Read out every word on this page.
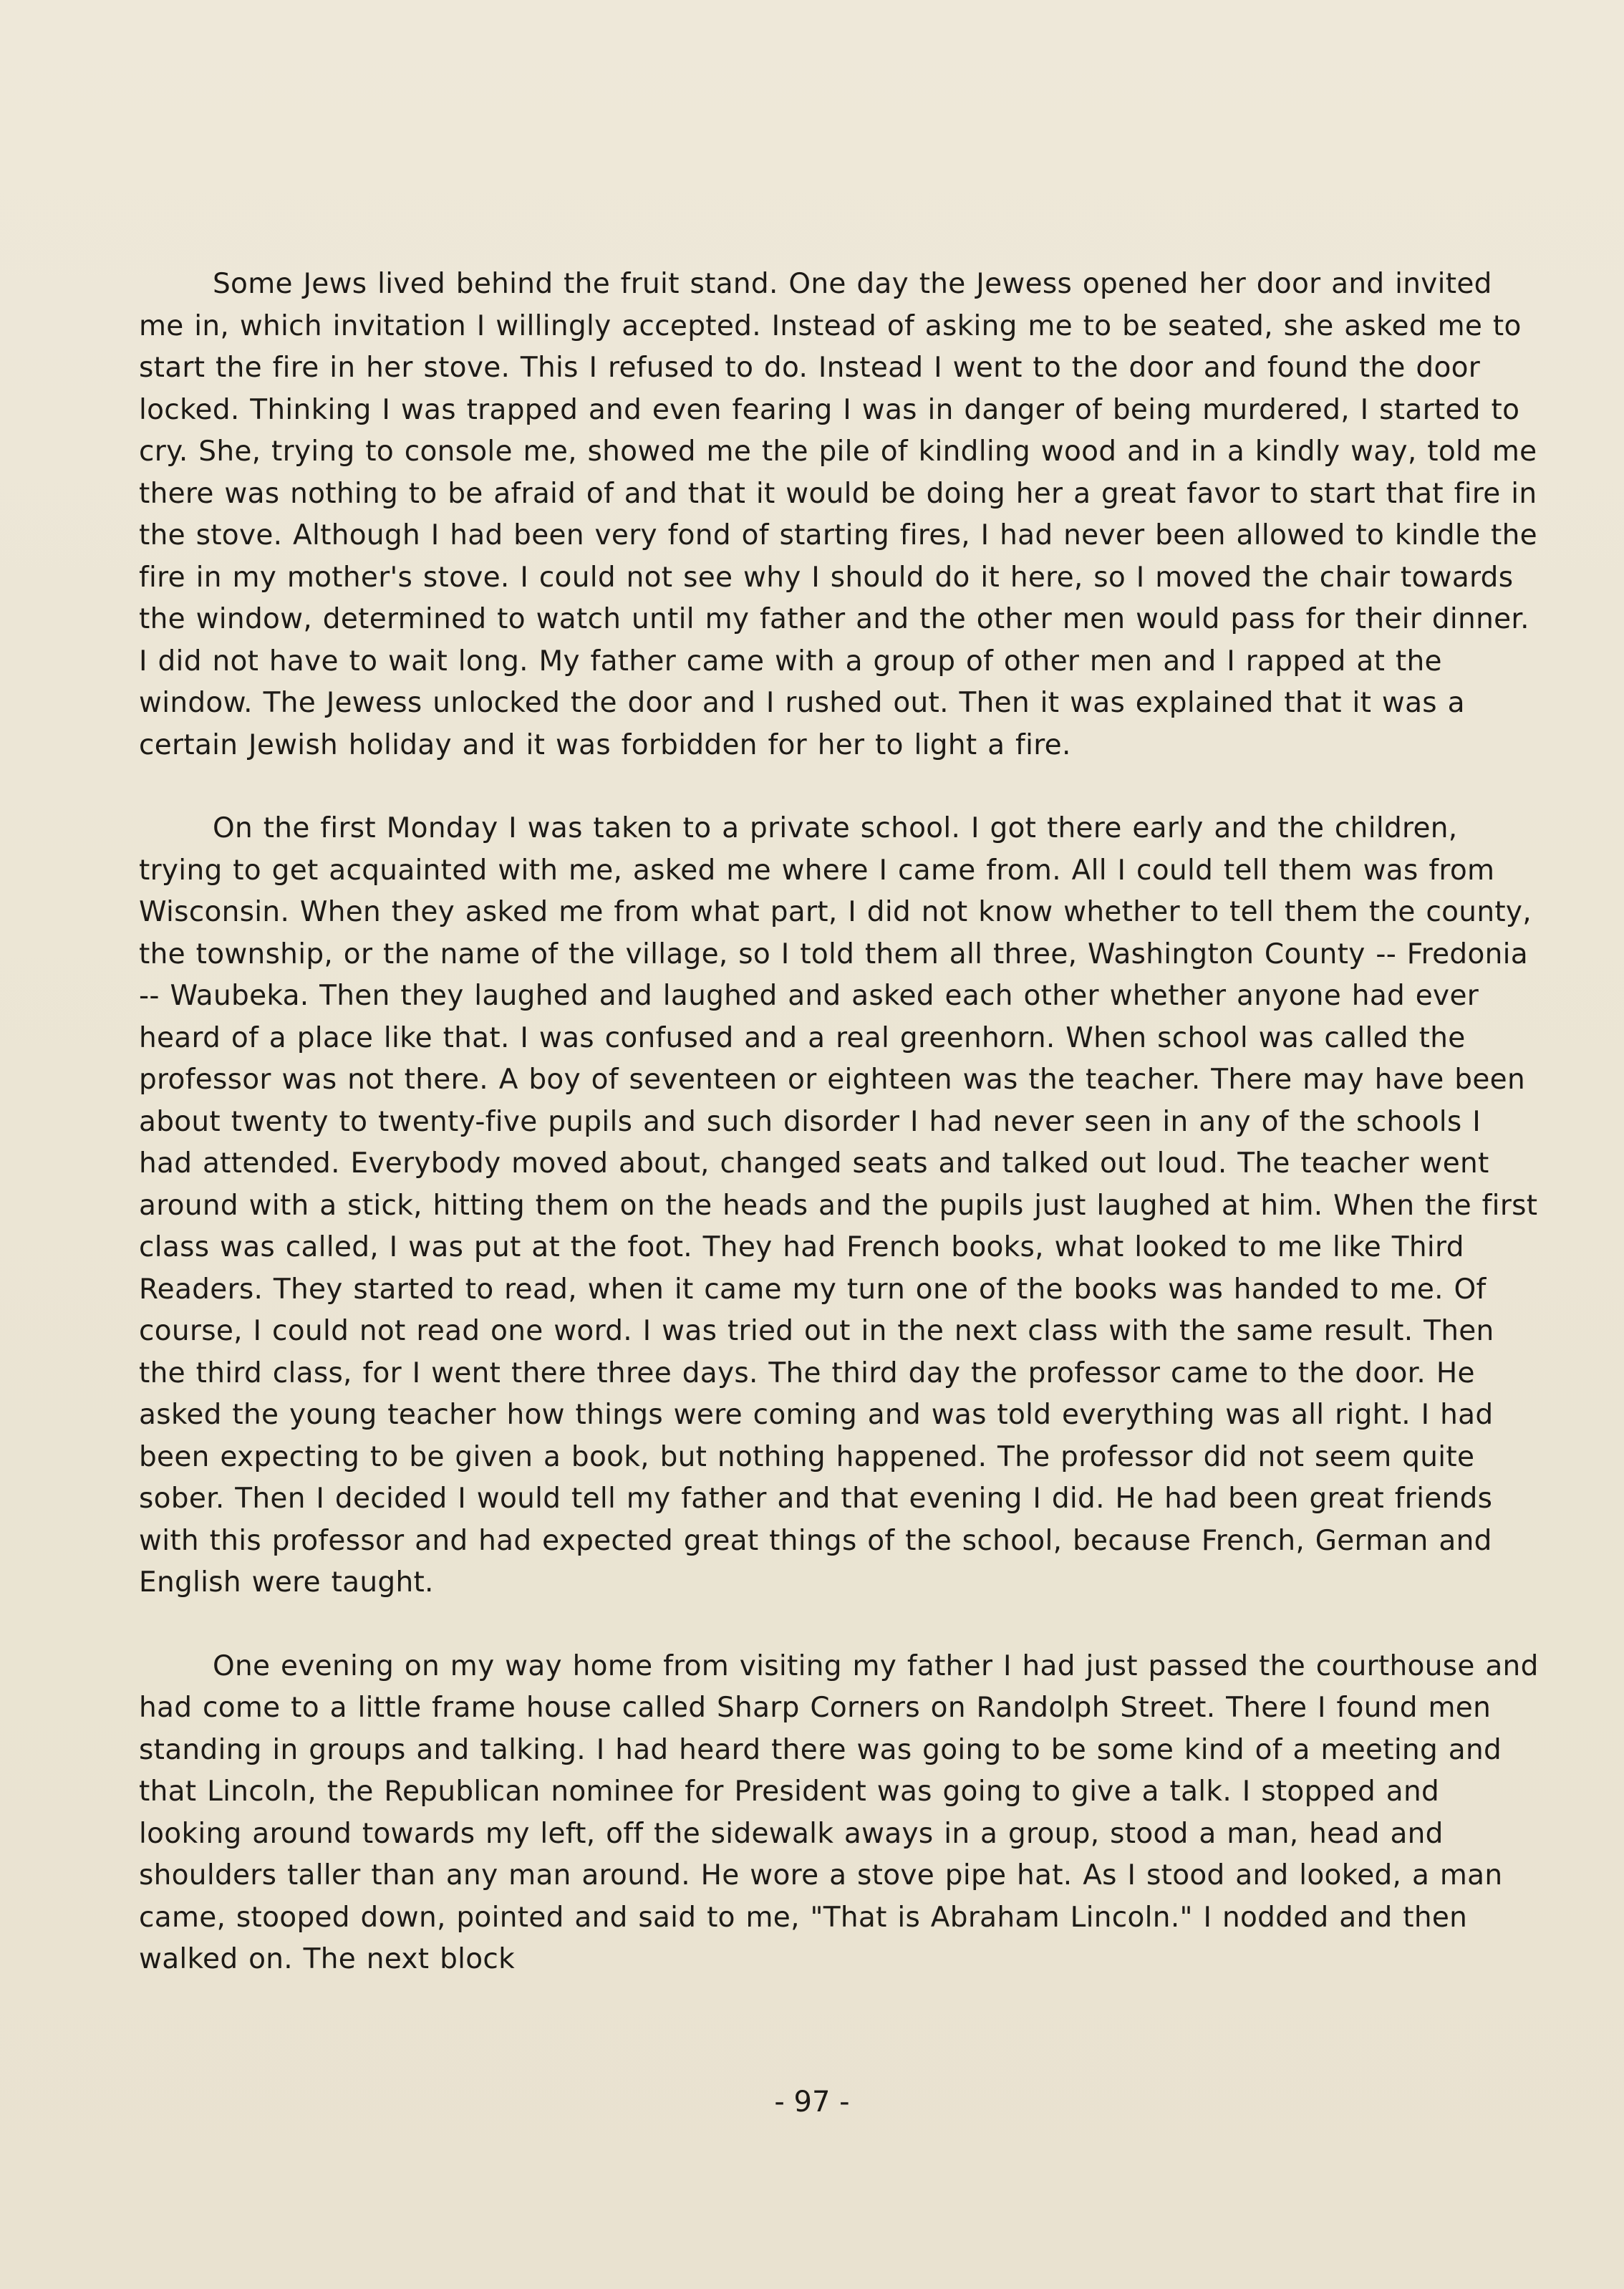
Some Jews lived behind the fruit stand. One day the Jewess opened her door and invited me in, which invitation I willingly accepted. Instead of asking me to be seated, she asked me to start the fire in her stove. This I refused to do. Instead I went to the door and found the door locked. Thinking I was trapped and even fearing I was in danger of being murdered, I started to cry. She, trying to console me, showed me the pile of kindling wood and in a kindly way, told me there was nothing to be afraid of and that it would be doing her a great favor to start that fire in the stove. Although I had been very fond of starting fires, I had never been allowed to kindle the fire in my mother's stove. I could not see why I should do it here, so I moved the chair towards the window, determined to watch until my father and the other men would pass for their dinner. I did not have to wait long. My father came with a group of other men and I rapped at the window. The Jewess unlocked the door and I rushed out. Then it was explained that it was a certain Jewish holiday and it was forbidden for her to light a fire.

On the first Monday I was taken to a private school. I got there early and the children, trying to get acquainted with me, asked me where I came from. All I could tell them was from Wisconsin. When they asked me from what part, I did not know whether to tell them the county, the township, or the name of the village, so I told them all three, Washington County -- Fredonia -- Waubeka. Then they laughed and laughed and asked each other whether anyone had ever heard of a place like that. I was confused and a real greenhorn. When school was called the professor was not there. A boy of seventeen or eighteen was the teacher. There may have been about twenty to twenty-five pupils and such disorder I had never seen in any of the schools I had attended. Everybody moved about, changed seats and talked out loud. The teacher went around with a stick, hitting them on the heads and the pupils just laughed at him. When the first class was called, I was put at the foot. They had French books, what looked to me like Third Readers. They started to read, when it came my turn one of the books was handed to me. Of course, I could not read one word. I was tried out in the next class with the same result. Then the third class, for I went there three days. The third day the professor came to the door. He asked the young teacher how things were coming and was told everything was all right. I had been expecting to be given a book, but nothing happened. The professor did not seem quite sober. Then I decided I would tell my father and that evening I did. He had been great friends with this professor and had expected great things of the school, because French, German and English were taught.

One evening on my way home from visiting my father I had just passed the courthouse and had come to a little frame house called Sharp Corners on Randolph Street. There I found men standing in groups and talking. I had heard there was going to be some kind of a meeting and that Lincoln, the Republican nominee for President was going to give a talk. I stopped and looking around towards my left, off the sidewalk aways in a group, stood a man, head and shoulders taller than any man around. He wore a stove pipe hat. As I stood and looked, a man came, stooped down, pointed and said to me, "That is Abraham Lincoln." I nodded and then walked on. The next block

- 97 -
